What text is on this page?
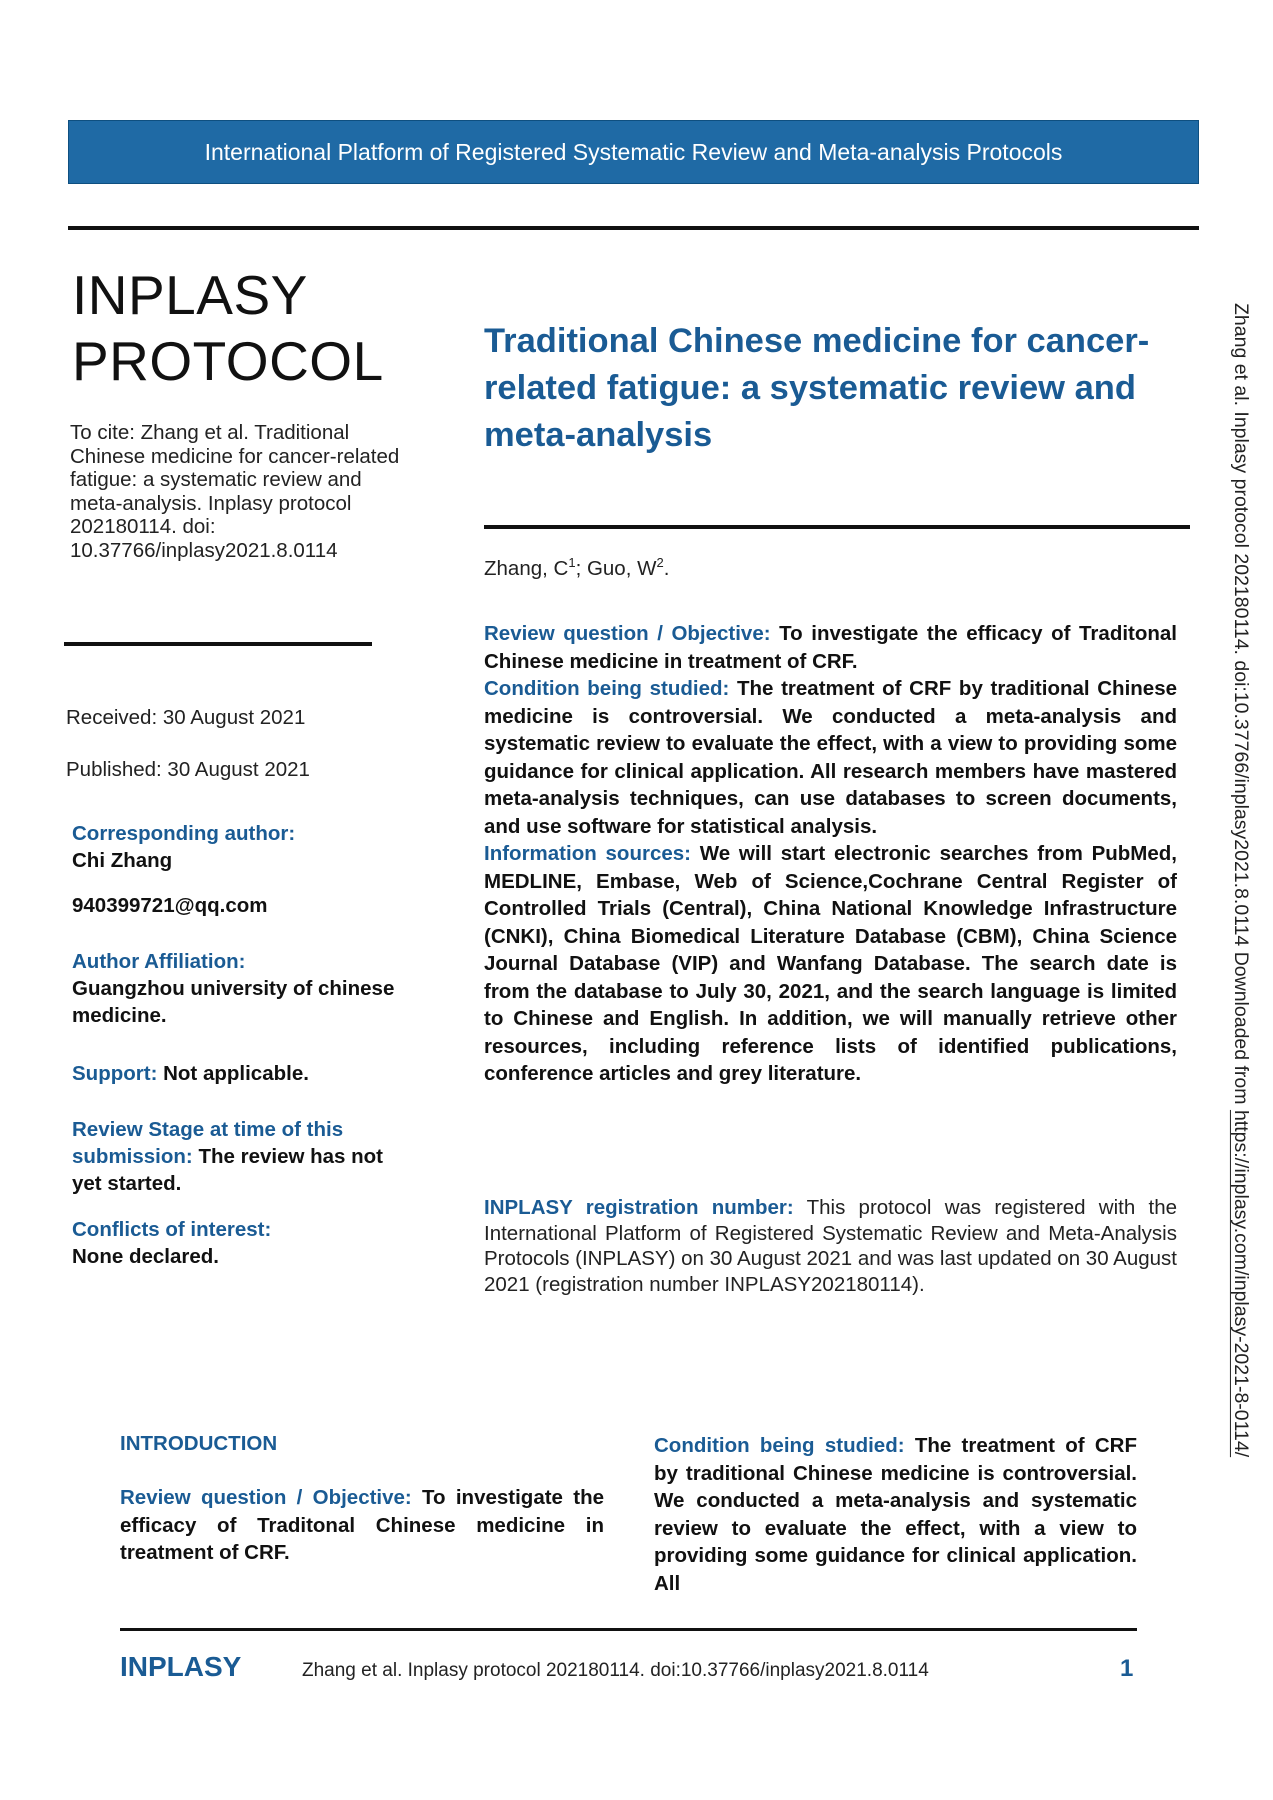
International Platform of Registered Systematic Review and Meta-analysis Protocols
INPLASY
PROTOCOL
To cite: Zhang et al. Traditional Chinese medicine for cancer-related fatigue: a systematic review and meta-analysis. Inplasy protocol 202180114. doi: 10.37766/inplasy2021.8.0114
Received: 30 August 2021
Published: 30 August 2021
Corresponding author:
Chi Zhang
940399721@qq.com
Author Affiliation:
Guangzhou university of chinese medicine.
Support: Not applicable.
Review Stage at time of this submission: The review has not yet started.
Conflicts of interest:
None declared.
Traditional Chinese medicine for cancer-related fatigue: a systematic review and meta-analysis
Zhang, $C^1$; Guo, $W^2$.
Review question / Objective: To investigate the efficacy of Traditonal Chinese medicine in treatment of CRF.
Condition being studied: The treatment of CRF by traditional Chinese medicine is controversial. We conducted a meta-analysis and systematic review to evaluate the effect, with a view to providing some guidance for clinical application. All research members have mastered meta-analysis techniques, can use databases to screen documents, and use software for statistical analysis.
Information sources: We will start electronic searches from PubMed, MEDLINE, Embase, Web of Science,Cochrane Central Register of Controlled Trials (Central), China National Knowledge Infrastructure (CNKI), China Biomedical Literature Database (CBM), China Science Journal Database (VIP) and Wanfang Database. The search date is from the database to July 30, 2021, and the search language is limited to Chinese and English. In addition, we will manually retrieve other resources, including reference lists of identified publications, conference articles and grey literature.
INPLASY registration number: This protocol was registered with the International Platform of Registered Systematic Review and Meta-Analysis Protocols (INPLASY) on 30 August 2021 and was last updated on 30 August 2021 (registration number INPLASY202180114).
INTRODUCTION
Review question / Objective: To investigate the efficacy of Traditonal Chinese medicine in treatment of CRF.
Condition being studied: The treatment of CRF by traditional Chinese medicine is controversial. We conducted a meta-analysis and systematic review to evaluate the effect, with a view to providing some guidance for clinical application. All
INPLASY	Zhang et al. Inplasy protocol 202180114. doi:10.37766/inplasy2021.8.0114	1
Zhang et al. Inplasy protocol 202180114. doi:10.37766/inplasy2021.8.0114 Downloaded from https://inplasy.com/inplasy-2021-8-0114/
